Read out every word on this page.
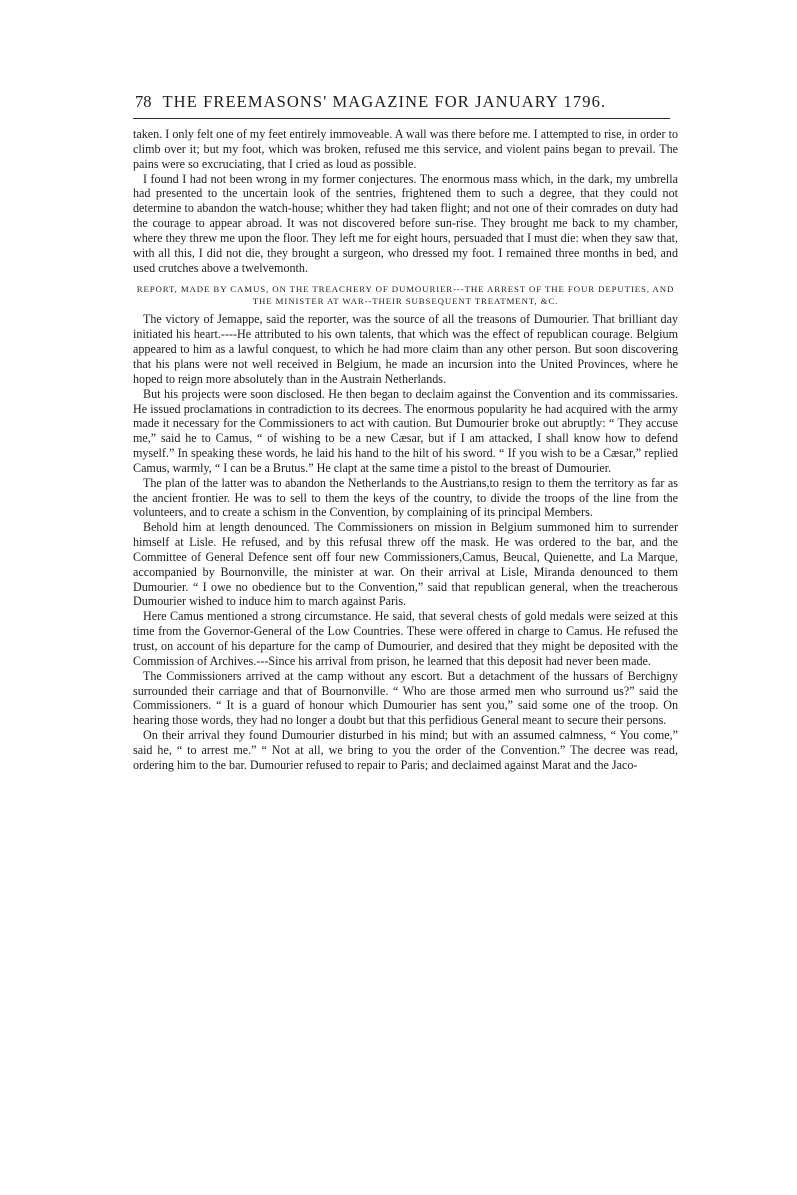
78 THE FREEMASONS' MAGAZINE FOR JANUARY 1796.

taken. I only felt one of my feet entirely immoveable. A wall was there before me. I attempted to rise, in order to climb over it; but my foot, which was broken, refused me this service, and violent pains began to prevail. The pains were so excruciating, that I cried as loud as possible.

I found I had not been wrong in my former conjectures. The enormous mass which, in the dark, my umbrella had presented to the uncertain look of the sentries, frightened them to such a degree, that they could not determine to abandon the watch-house; whither they had taken flight; and not one of their comrades on duty had the courage to appear abroad. It was not discovered before sun-rise. They brought me back to my chamber, where they threw me upon the floor. They left me for eight hours, persuaded that I must die: when they saw that, with all this, I did not die, they brought a surgeon, who dressed my foot. I remained three months in bed, and used crutches above a twelvemonth.

REPORT, MADE BY CAMUS, ON THE TREACHERY OF DUMOURIER---THE ARREST OF THE FOUR DEPUTIES, AND THE MINISTER AT WAR--THEIR SUBSEQUENT TREATMENT, &C.

The victory of Jemappe, said the reporter, was the source of all the treasons of Dumourier. That brilliant day initiated his heart.----He attributed to his own talents, that which was the effect of republican courage. Belgium appeared to him as a lawful conquest, to which he had more claim than any other person. But soon discovering that his plans were not well received in Belgium, he made an incursion into the United Provinces, where he hoped to reign more absolutely than in the Austrain Netherlands.

But his projects were soon disclosed. He then began to declaim against the Convention and its commissaries. He issued proclamations in contradiction to its decrees. The enormous popularity he had acquired with the army made it necessary for the Commissioners to act with caution. But Dumourier broke out abruptly: “ They accuse me,” said he to Camus, “ of wishing to be a new Cæsar, but if I am attacked, I shall know how to defend myself.” In speaking these words, he laid his hand to the hilt of his sword. “ If you wish to be a Cæsar,” replied Camus, warmly, “ I can be a Brutus.” He clapt at the same time a pistol to the breast of Dumourier.

The plan of the latter was to abandon the Netherlands to the Austrians,to resign to them the territory as far as the ancient frontier. He was to sell to them the keys of the country, to divide the troops of the line from the volunteers, and to create a schism in the Convention, by complaining of its principal Members.

Behold him at length denounced. The Commissioners on mission in Belgium summoned him to surrender himself at Lisle. He refused, and by this refusal threw off the mask. He was ordered to the bar, and the Committee of General Defence sent off four new Commissioners,Camus, Beucal, Quienette, and La Marque, accompanied by Bournonville, the minister at war. On their arrival at Lisle, Miranda denounced to them Dumourier. “ I owe no obedience but to the Convention,” said that republican general, when the treacherous Dumourier wished to induce him to march against Paris.

Here Camus mentioned a strong circumstance. He said, that several chests of gold medals were seized at this time from the Governor-General of the Low Countries. These were offered in charge to Camus. He refused the trust, on account of his departure for the camp of Dumourier, and desired that they might be deposited with the Commission of Archives.---Since his arrival from prison, he learned that this deposit had never been made.

The Commissioners arrived at the camp without any escort. But a detachment of the hussars of Berchigny surrounded their carriage and that of Bournonville. “ Who are those armed men who surround us?” said the Commissioners. “ It is a guard of honour which Dumourier has sent you,” said some one of the troop. On hearing those words, they had no longer a doubt but that this perfidious General meant to secure their persons.

On their arrival they found Dumourier disturbed in his mind; but with an assumed calmness, “ You come,” said he, “ to arrest me.” “ Not at all, we bring to you the order of the Convention.” The decree was read, ordering him to the bar. Dumourier refused to repair to Paris; and declaimed against Marat and the Jaco-
